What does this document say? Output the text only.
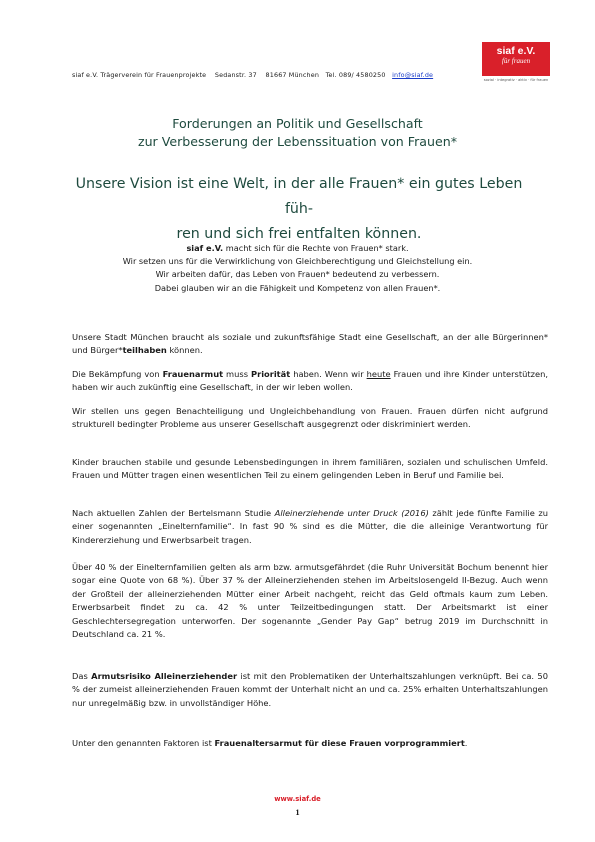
siaf e.V. Trägerverein für Frauenprojekte Sedanstr. 37 81667 München Tel. 089/ 4580250 info@siaf.de
siaf e.V.
für frauen
sozial · integrativ · aktiv · für frauen
Forderungen an Politik und Gesellschaft
zur Verbesserung der Lebenssituation von Frauen*
Unsere Vision ist eine Welt, in der alle Frauen* ein gutes Leben füh-
ren und sich frei entfalten können.
siaf e.V. macht sich für die Rechte von Frauen* stark.
Wir setzen uns für die Verwirklichung von Gleichberechtigung und Gleichstellung ein.
Wir arbeiten dafür, das Leben von Frauen* bedeutend zu verbessern.
Dabei glauben wir an die Fähigkeit und Kompetenz von allen Frauen*.

Unsere Stadt München braucht als soziale und zukunftsfähige Stadt eine Gesellschaft, an der alle Bürgerinnen* und Bürger*teilhaben können.

Die Bekämpfung von Frauenarmut muss Priorität haben. Wenn wir heute Frauen und ihre Kinder unterstützen, haben wir auch zukünftig eine Gesellschaft, in der wir leben wollen.

Wir stellen uns gegen Benachteiligung und Ungleichbehandlung von Frauen. Frauen dürfen nicht aufgrund strukturell bedingter Probleme aus unserer Gesellschaft ausgegrenzt oder diskriminiert werden.

Kinder brauchen stabile und gesunde Lebensbedingungen in ihrem familiären, sozialen und schulischen Umfeld. Frauen und Mütter tragen einen wesentlichen Teil zu einem gelingenden Leben in Beruf und Familie bei.

Nach aktuellen Zahlen der Bertelsmann Studie Alleinerziehende unter Druck (2016) zählt jede fünfte Familie zu einer sogenannten „Einelternfamilie“. In fast 90 % sind es die Mütter, die die alleinige Verantwortung für Kindererziehung und Erwerbsarbeit tragen.

Über 40 % der Einelternfamilien gelten als arm bzw. armutsgefährdet (die Ruhr Universität Bochum benennt hier sogar eine Quote von 68 %). Über 37 % der Alleinerziehenden stehen im Arbeitslosengeld II-Bezug. Auch wenn der Großteil der alleinerziehenden Mütter einer Arbeit nachgeht, reicht das Geld oftmals kaum zum Leben. Erwerbsarbeit findet zu ca. 42 % unter Teilzeitbedingungen statt. Der Arbeitsmarkt ist einer Geschlechtersegregation unterworfen. Der sogenannte „Gender Pay Gap“ betrug 2019 im Durchschnitt in Deutschland ca. 21 %.

Das Armutsrisiko Alleinerziehender ist mit den Problematiken der Unterhaltszahlungen verknüpft. Bei ca. 50 % der zumeist alleinerziehenden Frauen kommt der Unterhalt nicht an und ca. 25% erhalten Unterhaltszahlungen nur unregelmäßig bzw. in unvollständiger Höhe.

Unter den genannten Faktoren ist Frauenaltersarmut für diese Frauen vorprogrammiert.

www.siaf.de
1
